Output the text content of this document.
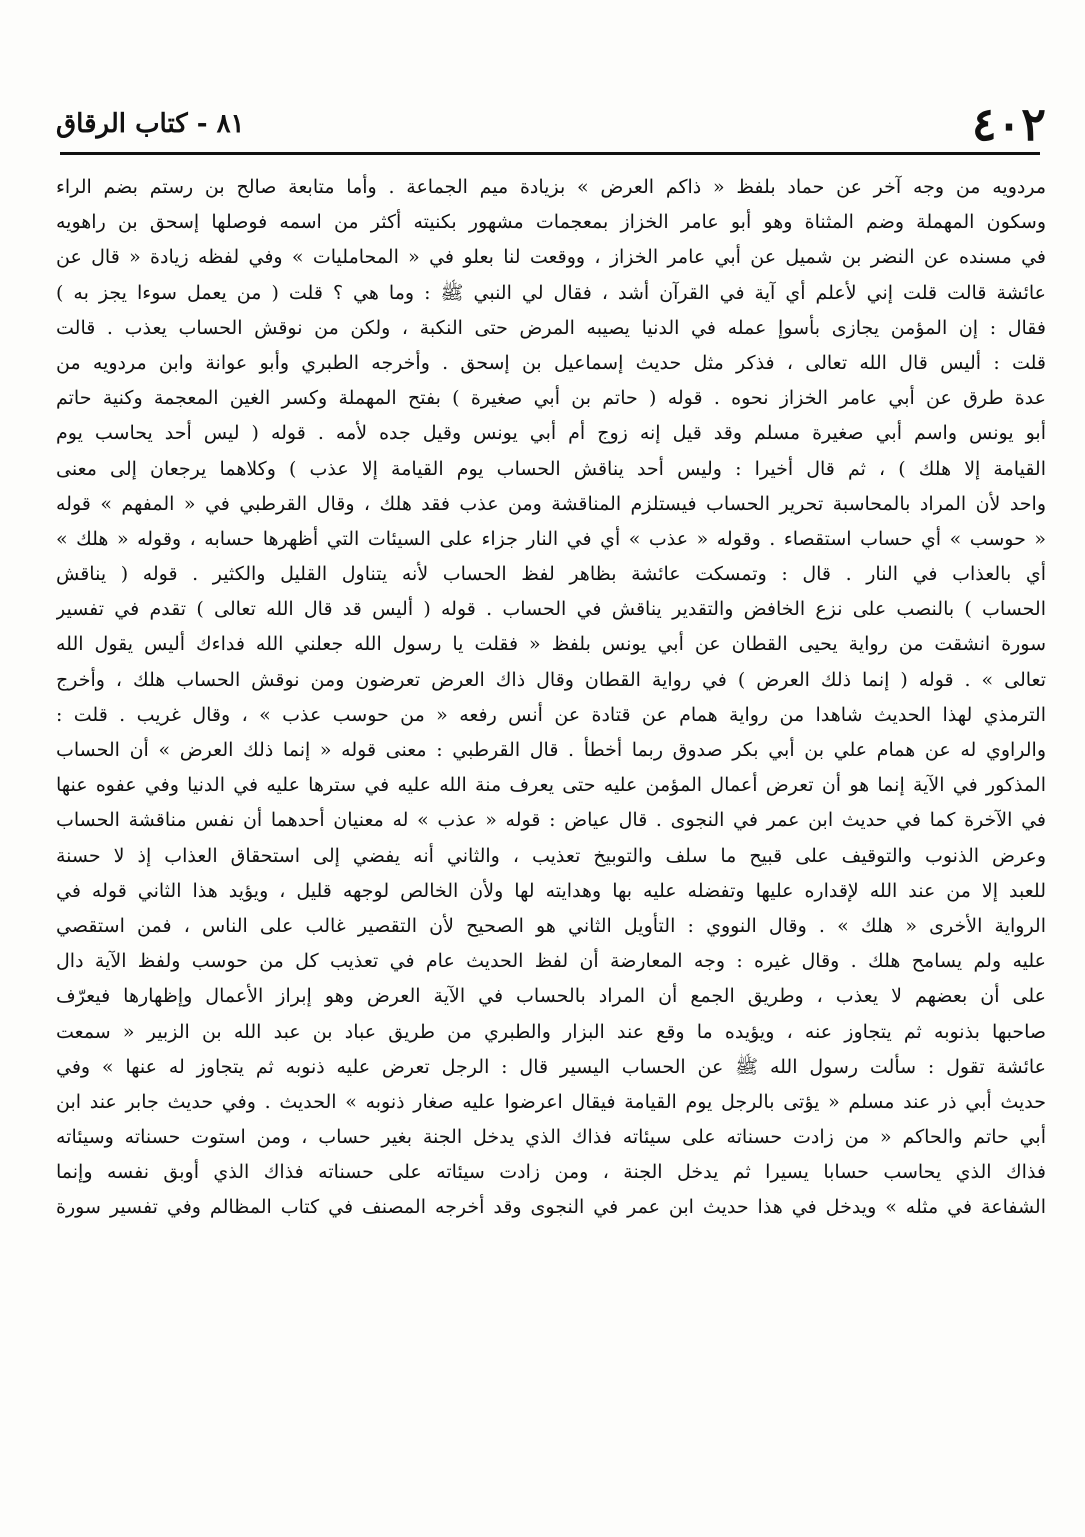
٤٠٢
٨١ - كتاب الرقاق
مردويه من وجه آخر عن حماد بلفظ « ذاكم العرض » بزيادة ميم الجماعة . وأما متابعة صالح بن رستم بضم الراء
وسكون المهملة وضم المثناة وهو أبو عامر الخزاز بمعجمات مشهور بكنيته أكثر من اسمه فوصلها إسحق بن راهويه
في مسنده عن النضر بن شميل عن أبي عامر الخزاز ، ووقعت لنا بعلو في « المحامليات » وفي لفظه زيادة « قال عن
عائشة قالت قلت إني لأعلم أي آية في القرآن أشد ، فقال لي النبي ﷺ : وما هي ؟ قلت ( من يعمل سوءا يجز به )
فقال : إن المؤمن يجازى بأسوإ عمله في الدنيا يصيبه المرض حتى النكبة ، ولكن من نوقش الحساب يعذب . قالت
قلت : أليس قال الله تعالى ، فذكر مثل حديث إسماعيل بن إسحق . وأخرجه الطبري وأبو عوانة وابن مردويه من
عدة طرق عن أبي عامر الخزاز نحوه . قوله ( حاتم بن أبي صغيرة ) بفتح المهملة وكسر الغين المعجمة وكنية حاتم
أبو يونس واسم أبي صغيرة مسلم وقد قيل إنه زوج أم أبي يونس وقيل جده لأمه . قوله ( ليس أحد يحاسب يوم
القيامة إلا هلك ) ، ثم قال أخيرا : وليس أحد يناقش الحساب يوم القيامة إلا عذب ) وكلاهما يرجعان إلى معنى
واحد لأن المراد بالمحاسبة تحرير الحساب فيستلزم المناقشة ومن عذب فقد هلك ، وقال القرطبي في « المفهم » قوله
« حوسب » أي حساب استقصاء . وقوله « عذب » أي في النار جزاء على السيئات التي أظهرها حسابه ، وقوله « هلك »
أي بالعذاب في النار . قال : وتمسكت عائشة بظاهر لفظ الحساب لأنه يتناول القليل والكثير . قوله ( يناقش
الحساب ) بالنصب على نزع الخافض والتقدير يناقش في الحساب . قوله ( أليس قد قال الله تعالى ) تقدم في تفسير
سورة انشقت من رواية يحيى القطان عن أبي يونس بلفظ « فقلت يا رسول الله جعلني الله فداءك أليس يقول الله
تعالى » . قوله ( إنما ذلك العرض ) في رواية القطان وقال ذاك العرض تعرضون ومن نوقش الحساب هلك ، وأخرج
الترمذي لهذا الحديث شاهدا من رواية همام عن قتادة عن أنس رفعه « من حوسب عذب » ، وقال غريب . قلت :
والراوي له عن همام علي بن أبي بكر صدوق ربما أخطأ . قال القرطبي : معنى قوله « إنما ذلك العرض » أن الحساب
المذكور في الآية إنما هو أن تعرض أعمال المؤمن عليه حتى يعرف منة الله عليه في سترها عليه في الدنيا وفي عفوه عنها
في الآخرة كما في حديث ابن عمر في النجوى . قال عياض : قوله « عذب » له معنيان أحدهما أن نفس مناقشة الحساب
وعرض الذنوب والتوقيف على قبيح ما سلف والتوبيخ تعذيب ، والثاني أنه يفضي إلى استحقاق العذاب إذ لا حسنة
للعبد إلا من عند الله لإقداره عليها وتفضله عليه بها وهدايته لها ولأن الخالص لوجهه قليل ، ويؤيد هذا الثاني قوله في
الرواية الأخرى « هلك » . وقال النووي : التأويل الثاني هو الصحيح لأن التقصير غالب على الناس ، فمن استقصي
عليه ولم يسامح هلك . وقال غيره : وجه المعارضة أن لفظ الحديث عام في تعذيب كل من حوسب ولفظ الآية دال
على أن بعضهم لا يعذب ، وطريق الجمع أن المراد بالحساب في الآية العرض وهو إبراز الأعمال وإظهارها فيعرّف
صاحبها بذنوبه ثم يتجاوز عنه ، ويؤيده ما وقع عند البزار والطبري من طريق عباد بن عبد الله بن الزبير « سمعت
عائشة تقول : سألت رسول الله ﷺ عن الحساب اليسير قال : الرجل تعرض عليه ذنوبه ثم يتجاوز له عنها » وفي
حديث أبي ذر عند مسلم « يؤتى بالرجل يوم القيامة فيقال اعرضوا عليه صغار ذنوبه » الحديث . وفي حديث جابر عند ابن
أبي حاتم والحاكم « من زادت حسناته على سيئاته فذاك الذي يدخل الجنة بغير حساب ، ومن استوت حسناته وسيئاته
فذاك الذي يحاسب حسابا يسيرا ثم يدخل الجنة ، ومن زادت سيئاته على حسناته فذاك الذي أوبق نفسه وإنما
الشفاعة في مثله » ويدخل في هذا حديث ابن عمر في النجوى وقد أخرجه المصنف في كتاب المظالم وفي تفسير سورة
